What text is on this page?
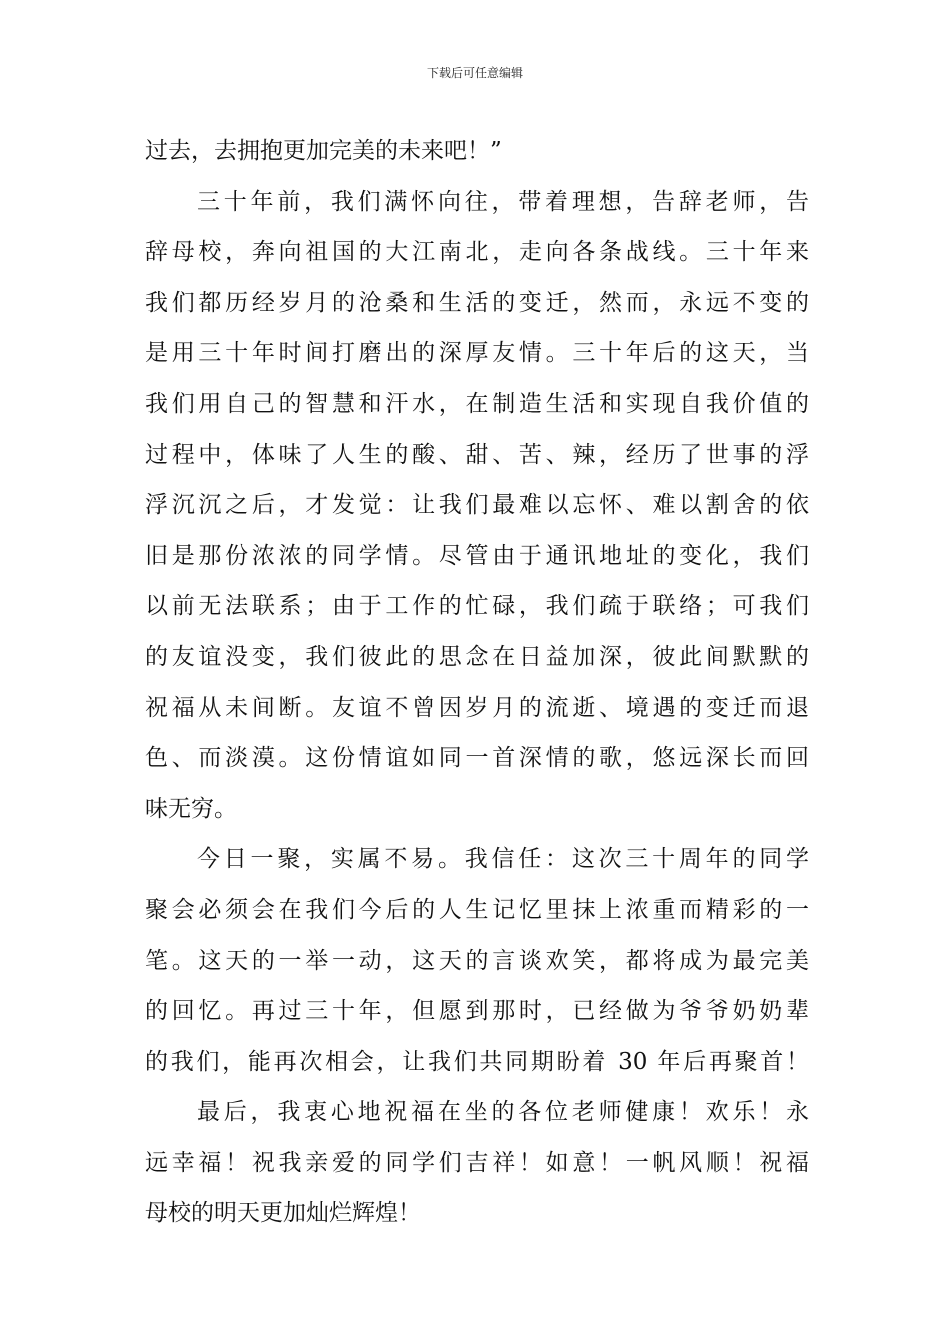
下载后可任意编辑
过去，去拥抱更加完美的未来吧！”
三十年前，我们满怀向往，带着理想，告辞老师，告
辞母校，奔向祖国的大江南北，走向各条战线。三十年来
我们都历经岁月的沧桑和生活的变迁，然而，永远不变的
是用三十年时间打磨出的深厚友情。三十年后的这天，当
我们用自己的智慧和汗水，在制造生活和实现自我价值的
过程中，体味了人生的酸、甜、苦、辣，经历了世事的浮
浮沉沉之后，才发觉：让我们最难以忘怀、难以割舍的依
旧是那份浓浓的同学情。尽管由于通讯地址的变化，我们
以前无法联系；由于工作的忙碌，我们疏于联络；可我们
的友谊没变，我们彼此的思念在日益加深，彼此间默默的
祝福从未间断。友谊不曾因岁月的流逝、境遇的变迁而退
色、而淡漠。这份情谊如同一首深情的歌，悠远深长而回
味无穷。
今日一聚，实属不易。我信任：这次三十周年的同学
聚会必须会在我们今后的人生记忆里抹上浓重而精彩的一
笔。这天的一举一动，这天的言谈欢笑，都将成为最完美
的回忆。再过三十年，但愿到那时，已经做为爷爷奶奶辈
的我们，能再次相会，让我们共同期盼着 30 年后再聚首！
最后，我衷心地祝福在坐的各位老师健康！欢乐！永
远幸福！祝我亲爱的同学们吉祥！如意！一帆风顺！祝福
母校的明天更加灿烂辉煌！
